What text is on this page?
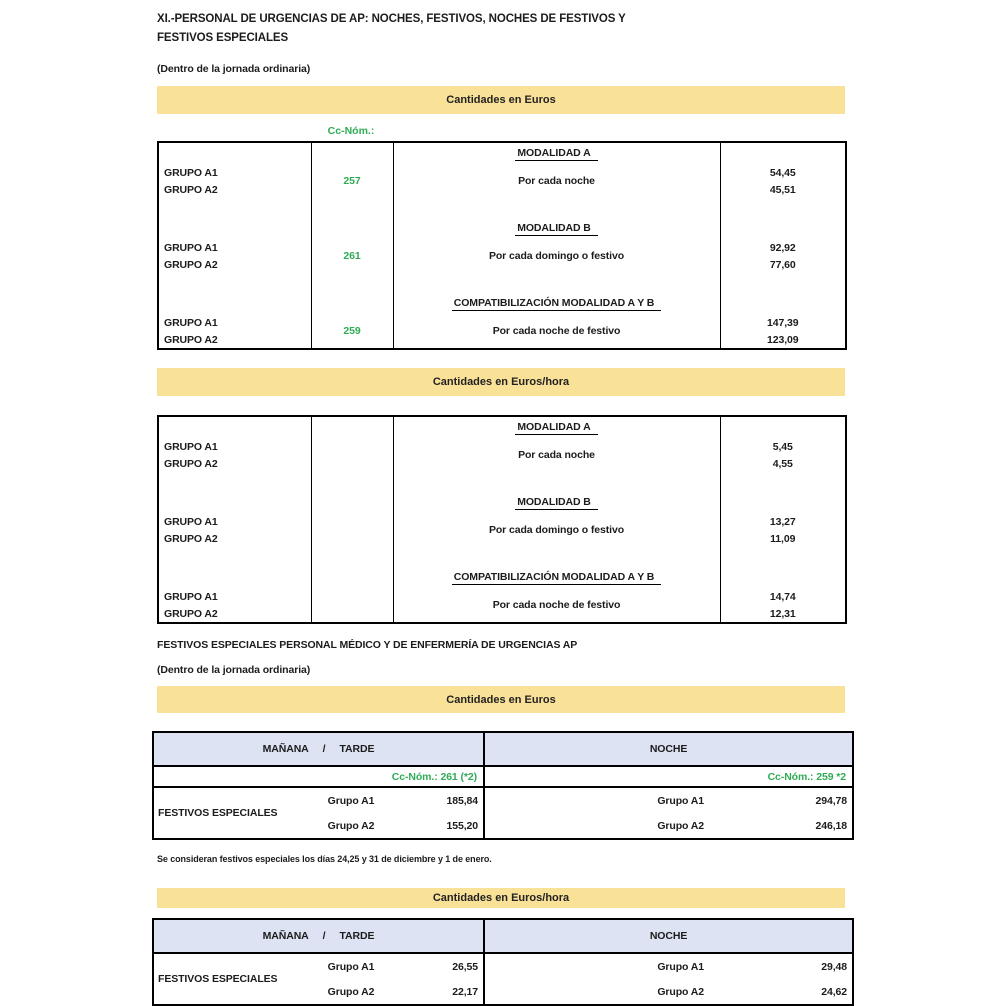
XI.-PERSONAL DE URGENCIAS DE AP: NOCHES, FESTIVOS, NOCHES DE FESTIVOS Y
FESTIVOS ESPECIALES
(Dentro de la jornada ordinaria)
Cantidades en Euros
Cc-Nóm.:
		MODALIDAD A	
GRUPO A1	257	Por cada noche	54,45
GRUPO A2			45,51
		MODALIDAD B	
GRUPO A1	261	Por cada domingo o festivo	92,92
GRUPO A2			77,60
		COMPATIBILIZACIÓN MODALIDAD A Y B	
GRUPO A1	259	Por cada noche de festivo	147,39
GRUPO A2			123,09
Cantidades en Euros/hora
		MODALIDAD A	
GRUPO A1		Por cada noche	5,45
GRUPO A2			4,55
		MODALIDAD B	
GRUPO A1		Por cada domingo o festivo	13,27
GRUPO A2			11,09
		COMPATIBILIZACIÓN MODALIDAD A Y B	
GRUPO A1		Por cada noche de festivo	14,74
GRUPO A2			12,31
FESTIVOS ESPECIALES PERSONAL MÉDICO Y DE ENFERMERÍA DE URGENCIAS AP
(Dentro de la jornada ordinaria)
Cantidades en Euros
MAÑANA / TARDE			NOCHE	
Cc-Nóm.: 261 (*2)			Cc-Nóm.: 259 *2	
FESTIVOS ESPECIALES	Grupo A1	185,84	Grupo A1	294,78
	Grupo A2	155,20	Grupo A2	246,18
Se consideran festivos especiales los días 24,25 y 31 de diciembre y 1 de enero.
Cantidades en Euros/hora
MAÑANA / TARDE			NOCHE	
FESTIVOS ESPECIALES	Grupo A1	26,55	Grupo A1	29,48
	Grupo A2	22,17	Grupo A2	24,62
